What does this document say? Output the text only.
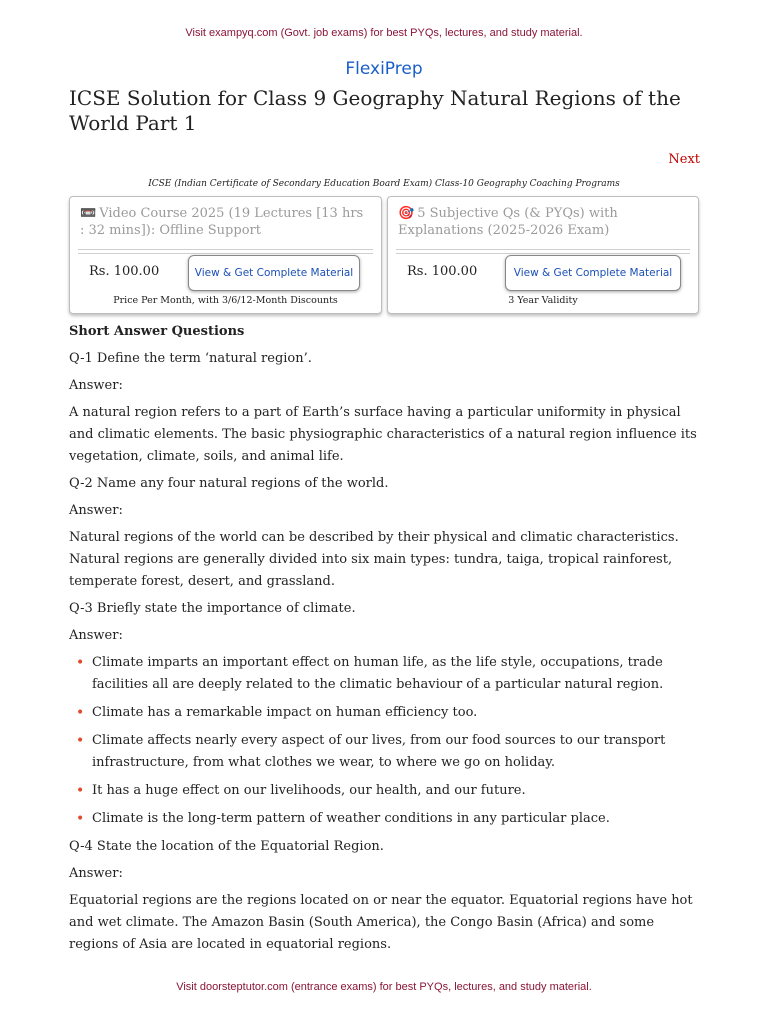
Visit exampyq.com (Govt. job exams) for best PYQs, lectures, and study material.
FlexiPrep
ICSE Solution for Class 9 Geography Natural Regions of the World Part 1
Next
ICSE (Indian Certificate of Secondary Education Board Exam) Class-10 Geography Coaching Programs
📼 Video Course 2025 (19 Lectures [13 hrs : 32 mins]): Offline Support
Rs. 100.00	View & Get Complete Material
Price Per Month, with 3/6/12-Month Discounts
🎯 5 Subjective Qs (& PYQs) with Explanations (2025-2026 Exam)
Rs. 100.00	View & Get Complete Material
3 Year Validity

Short Answer Questions

Q-1 Define the term ‘natural region’.

Answer:

A natural region refers to a part of Earth’s surface having a particular uniformity in physical and climatic elements. The basic physiographic characteristics of a natural region influence its vegetation, climate, soils, and animal life.

Q-2 Name any four natural regions of the world.

Answer:

Natural regions of the world can be described by their physical and climatic characteristics. Natural regions are generally divided into six main types: tundra, taiga, tropical rainforest, temperate forest, desert, and grassland.

Q-3 Briefly state the importance of climate.

Answer:

• Climate imparts an important effect on human life, as the life style, occupations, trade facilities all are deeply related to the climatic behaviour of a particular natural region.
• Climate has a remarkable impact on human efficiency too.
• Climate affects nearly every aspect of our lives, from our food sources to our transport infrastructure, from what clothes we wear, to where we go on holiday.
• It has a huge effect on our livelihoods, our health, and our future.
• Climate is the long-term pattern of weather conditions in any particular place.

Q-4 State the location of the Equatorial Region.

Answer:

Equatorial regions are the regions located on or near the equator. Equatorial regions have hot and wet climate. The Amazon Basin (South America), the Congo Basin (Africa) and some regions of Asia are located in equatorial regions.

Visit doorsteptutor.com (entrance exams) for best PYQs, lectures, and study material.
